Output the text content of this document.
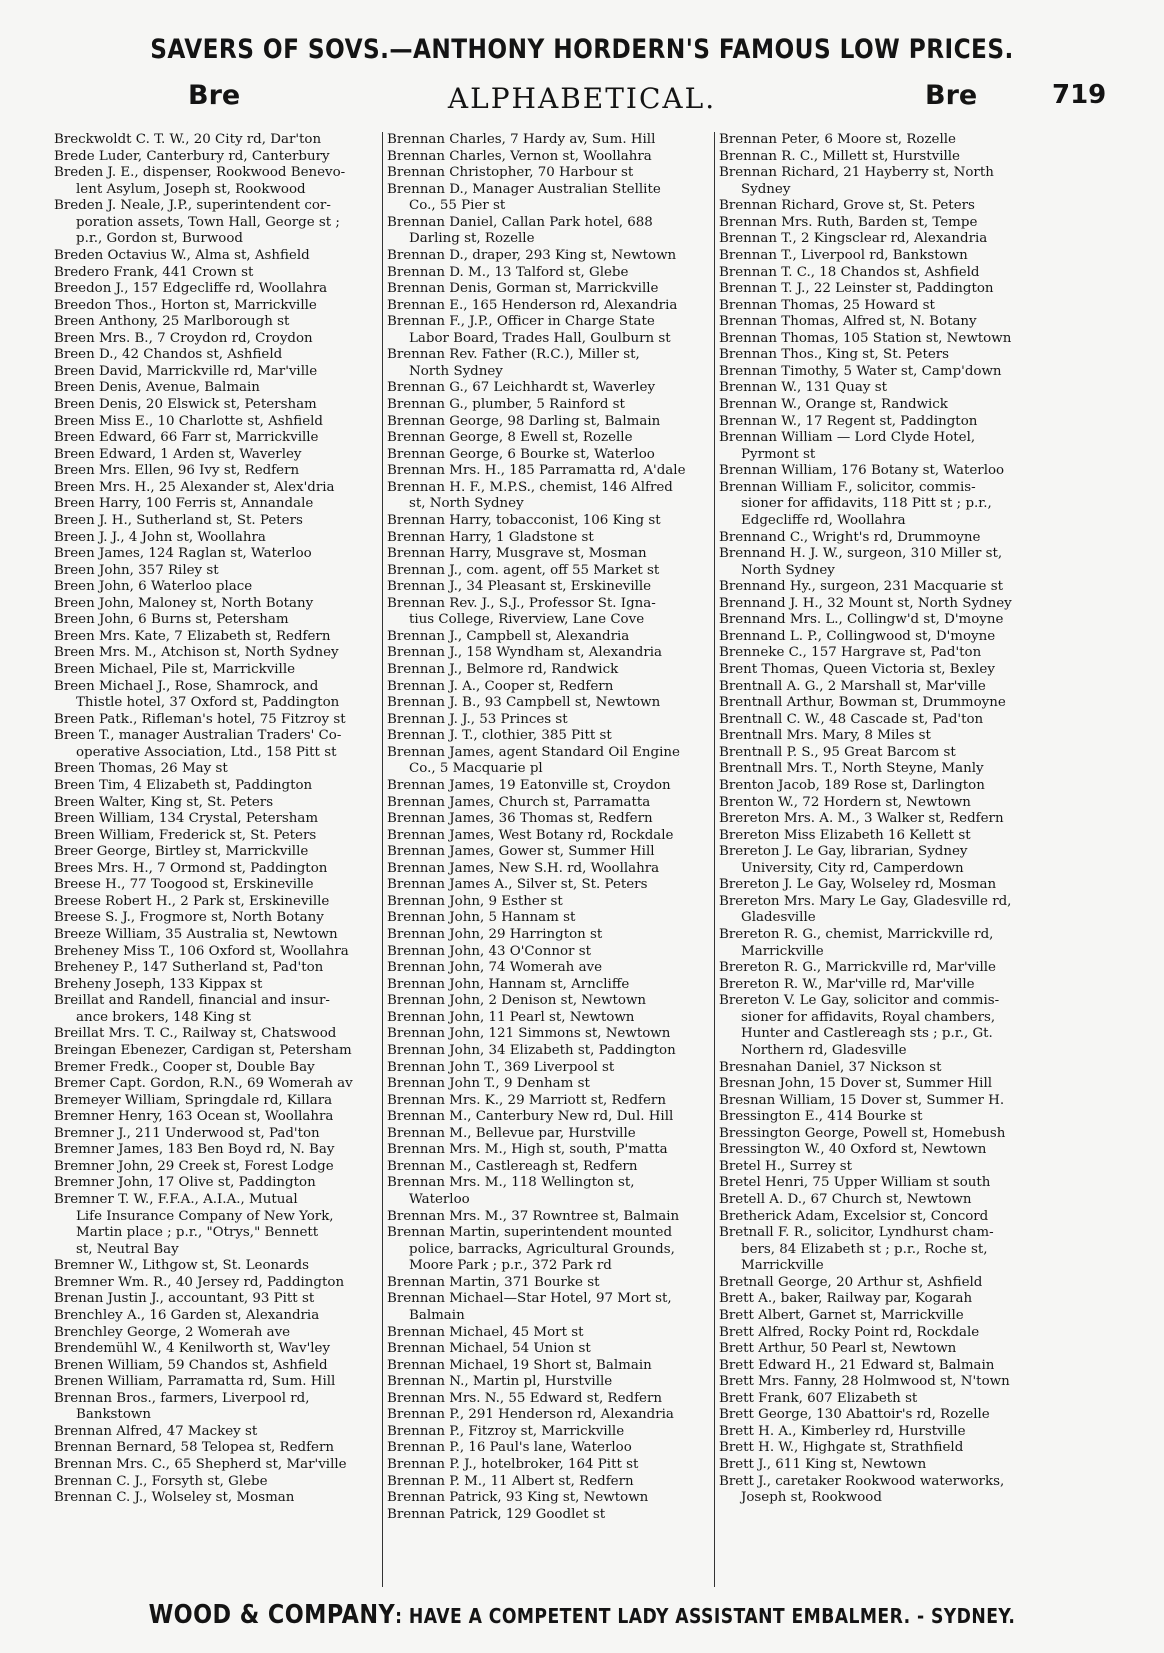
SAVERS OF SOVS.—ANTHONY HORDERN'S FAMOUS LOW PRICES.
Bre	ALPHABETICAL.	Bre	719
Breckwoldt C. T. W., 20 City rd, Dar'ton
Brede Luder, Canterbury rd, Canterbury
Breden J. E., dispenser, Rookwood Benevo-
lent Asylum, Joseph st, Rookwood
Breden J. Neale, J.P., superintendent cor-
poration assets, Town Hall, George st ;
p.r., Gordon st, Burwood
Breden Octavius W., Alma st, Ashfield
Bredero Frank, 441 Crown st
Breedon J., 157 Edgecliffe rd, Woollahra
Breedon Thos., Horton st, Marrickville
Breen Anthony, 25 Marlborough st
Breen Mrs. B., 7 Croydon rd, Croydon
Breen D., 42 Chandos st, Ashfield
Breen David, Marrickville rd, Mar'ville
Breen Denis, Avenue, Balmain
Breen Denis, 20 Elswick st, Petersham
Breen Miss E., 10 Charlotte st, Ashfield
Breen Edward, 66 Farr st, Marrickville
Breen Edward, 1 Arden st, Waverley
Breen Mrs. Ellen, 96 Ivy st, Redfern
Breen Mrs. H., 25 Alexander st, Alex'dria
Breen Harry, 100 Ferris st, Annandale
Breen J. H., Sutherland st, St. Peters
Breen J. J., 4 John st, Woollahra
Breen James, 124 Raglan st, Waterloo
Breen John, 357 Riley st
Breen John, 6 Waterloo place
Breen John, Maloney st, North Botany
Breen John, 6 Burns st, Petersham
Breen Mrs. Kate, 7 Elizabeth st, Redfern
Breen Mrs. M., Atchison st, North Sydney
Breen Michael, Pile st, Marrickville
Breen Michael J., Rose, Shamrock, and
Thistle hotel, 37 Oxford st, Paddington
Breen Patk., Rifleman's hotel, 75 Fitzroy st
Breen T., manager Australian Traders' Co-
operative Association, Ltd., 158 Pitt st
Breen Thomas, 26 May st
Breen Tim, 4 Elizabeth st, Paddington
Breen Walter, King st, St. Peters
Breen William, 134 Crystal, Petersham
Breen William, Frederick st, St. Peters
Breer George, Birtley st, Marrickville
Brees Mrs. H., 7 Ormond st, Paddington
Breese H., 77 Toogood st, Erskineville
Breese Robert H., 2 Park st, Erskineville
Breese S. J., Frogmore st, North Botany
Breeze William, 35 Australia st, Newtown
Breheney Miss T., 106 Oxford st, Woollahra
Breheney P., 147 Sutherland st, Pad'ton
Breheny Joseph, 133 Kippax st
Breillat and Randell, financial and insur-
ance brokers, 148 King st
Breillat Mrs. T. C., Railway st, Chatswood
Breingan Ebenezer, Cardigan st, Petersham
Bremer Fredk., Cooper st, Double Bay
Bremer Capt. Gordon, R.N., 69 Womerah av
Bremeyer William, Springdale rd, Killara
Bremner Henry, 163 Ocean st, Woollahra
Bremner J., 211 Underwood st, Pad'ton
Bremner James, 183 Ben Boyd rd, N. Bay
Bremner John, 29 Creek st, Forest Lodge
Bremner John, 17 Olive st, Paddington
Bremner T. W., F.F.A., A.I.A., Mutual
Life Insurance Company of New York,
Martin place ; p.r., "Otrys," Bennett
st, Neutral Bay
Bremner W., Lithgow st, St. Leonards
Bremner Wm. R., 40 Jersey rd, Paddington
Brenan Justin J., accountant, 93 Pitt st
Brenchley A., 16 Garden st, Alexandria
Brenchley George, 2 Womerah ave
Brendemühl W., 4 Kenilworth st, Wav'ley
Brenen William, 59 Chandos st, Ashfield
Brenen William, Parramatta rd, Sum. Hill
Brennan Bros., farmers, Liverpool rd,
Bankstown
Brennan Alfred, 47 Mackey st
Brennan Bernard, 58 Telopea st, Redfern
Brennan Mrs. C., 65 Shepherd st, Mar'ville
Brennan C. J., Forsyth st, Glebe
Brennan C. J., Wolseley st, Mosman
Brennan Charles, 7 Hardy av, Sum. Hill
Brennan Charles, Vernon st, Woollahra
Brennan Christopher, 70 Harbour st
Brennan D., Manager Australian Stellite
Co., 55 Pier st
Brennan Daniel, Callan Park hotel, 688
Darling st, Rozelle
Brennan D., draper, 293 King st, Newtown
Brennan D. M., 13 Talford st, Glebe
Brennan Denis, Gorman st, Marrickville
Brennan E., 165 Henderson rd, Alexandria
Brennan F., J.P., Officer in Charge State
Labor Board, Trades Hall, Goulburn st
Brennan Rev. Father (R.C.), Miller st,
North Sydney
Brennan G., 67 Leichhardt st, Waverley
Brennan G., plumber, 5 Rainford st
Brennan George, 98 Darling st, Balmain
Brennan George, 8 Ewell st, Rozelle
Brennan George, 6 Bourke st, Waterloo
Brennan Mrs. H., 185 Parramatta rd, A'dale
Brennan H. F., M.P.S., chemist, 146 Alfred
st, North Sydney
Brennan Harry, tobacconist, 106 King st
Brennan Harry, 1 Gladstone st
Brennan Harry, Musgrave st, Mosman
Brennan J., com. agent, off 55 Market st
Brennan J., 34 Pleasant st, Erskineville
Brennan Rev. J., S.J., Professor St. Igna-
tius College, Riverview, Lane Cove
Brennan J., Campbell st, Alexandria
Brennan J., 158 Wyndham st, Alexandria
Brennan J., Belmore rd, Randwick
Brennan J. A., Cooper st, Redfern
Brennan J. B., 93 Campbell st, Newtown
Brennan J. J., 53 Princes st
Brennan J. T., clothier, 385 Pitt st
Brennan James, agent Standard Oil Engine
Co., 5 Macquarie pl
Brennan James, 19 Eatonville st, Croydon
Brennan James, Church st, Parramatta
Brennan James, 36 Thomas st, Redfern
Brennan James, West Botany rd, Rockdale
Brennan James, Gower st, Summer Hill
Brennan James, New S.H. rd, Woollahra
Brennan James A., Silver st, St. Peters
Brennan John, 9 Esther st
Brennan John, 5 Hannam st
Brennan John, 29 Harrington st
Brennan John, 43 O'Connor st
Brennan John, 74 Womerah ave
Brennan John, Hannam st, Arncliffe
Brennan John, 2 Denison st, Newtown
Brennan John, 11 Pearl st, Newtown
Brennan John, 121 Simmons st, Newtown
Brennan John, 34 Elizabeth st, Paddington
Brennan John T., 369 Liverpool st
Brennan John T., 9 Denham st
Brennan Mrs. K., 29 Marriott st, Redfern
Brennan M., Canterbury New rd, Dul. Hill
Brennan M., Bellevue par, Hurstville
Brennan Mrs. M., High st, south, P'matta
Brennan M., Castlereagh st, Redfern
Brennan Mrs. M., 118 Wellington st,
Waterloo
Brennan Mrs. M., 37 Rowntree st, Balmain
Brennan Martin, superintendent mounted
police, barracks, Agricultural Grounds,
Moore Park ; p.r., 372 Park rd
Brennan Martin, 371 Bourke st
Brennan Michael—Star Hotel, 97 Mort st,
Balmain
Brennan Michael, 45 Mort st
Brennan Michael, 54 Union st
Brennan Michael, 19 Short st, Balmain
Brennan N., Martin pl, Hurstville
Brennan Mrs. N., 55 Edward st, Redfern
Brennan P., 291 Henderson rd, Alexandria
Brennan P., Fitzroy st, Marrickville
Brennan P., 16 Paul's lane, Waterloo
Brennan P. J., hotelbroker, 164 Pitt st
Brennan P. M., 11 Albert st, Redfern
Brennan Patrick, 93 King st, Newtown
Brennan Patrick, 129 Goodlet st
Brennan Peter, 6 Moore st, Rozelle
Brennan R. C., Millett st, Hurstville
Brennan Richard, 21 Hayberry st, North
Sydney
Brennan Richard, Grove st, St. Peters
Brennan Mrs. Ruth, Barden st, Tempe
Brennan T., 2 Kingsclear rd, Alexandria
Brennan T., Liverpool rd, Bankstown
Brennan T. C., 18 Chandos st, Ashfield
Brennan T. J., 22 Leinster st, Paddington
Brennan Thomas, 25 Howard st
Brennan Thomas, Alfred st, N. Botany
Brennan Thomas, 105 Station st, Newtown
Brennan Thos., King st, St. Peters
Brennan Timothy, 5 Water st, Camp'down
Brennan W., 131 Quay st
Brennan W., Orange st, Randwick
Brennan W., 17 Regent st, Paddington
Brennan William — Lord Clyde Hotel,
Pyrmont st
Brennan William, 176 Botany st, Waterloo
Brennan William F., solicitor, commis-
sioner for affidavits, 118 Pitt st ; p.r.,
Edgecliffe rd, Woollahra
Brennand C., Wright's rd, Drummoyne
Brennand H. J. W., surgeon, 310 Miller st,
North Sydney
Brennand Hy., surgeon, 231 Macquarie st
Brennand J. H., 32 Mount st, North Sydney
Brennand Mrs. L., Collingw'd st, D'moyne
Brennand L. P., Collingwood st, D'moyne
Brenneke C., 157 Hargrave st, Pad'ton
Brent Thomas, Queen Victoria st, Bexley
Brentnall A. G., 2 Marshall st, Mar'ville
Brentnall Arthur, Bowman st, Drummoyne
Brentnall C. W., 48 Cascade st, Pad'ton
Brentnall Mrs. Mary, 8 Miles st
Brentnall P. S., 95 Great Barcom st
Brentnall Mrs. T., North Steyne, Manly
Brenton Jacob, 189 Rose st, Darlington
Brenton W., 72 Hordern st, Newtown
Brereton Mrs. A. M., 3 Walker st, Redfern
Brereton Miss Elizabeth 16 Kellett st
Brereton J. Le Gay, librarian, Sydney
University, City rd, Camperdown
Brereton J. Le Gay, Wolseley rd, Mosman
Brereton Mrs. Mary Le Gay, Gladesville rd,
Gladesville
Brereton R. G., chemist, Marrickville rd,
Marrickville
Brereton R. G., Marrickville rd, Mar'ville
Brereton R. W., Mar'ville rd, Mar'ville
Brereton V. Le Gay, solicitor and commis-
sioner for affidavits, Royal chambers,
Hunter and Castlereagh sts ; p.r., Gt.
Northern rd, Gladesville
Bresnahan Daniel, 37 Nickson st
Bresnan John, 15 Dover st, Summer Hill
Bresnan William, 15 Dover st, Summer H.
Bressington E., 414 Bourke st
Bressington George, Powell st, Homebush
Bressington W., 40 Oxford st, Newtown
Bretel H., Surrey st
Bretel Henri, 75 Upper William st south
Bretell A. D., 67 Church st, Newtown
Bretherick Adam, Excelsior st, Concord
Bretnall F. R., solicitor, Lyndhurst cham-
bers, 84 Elizabeth st ; p.r., Roche st,
Marrickville
Bretnall George, 20 Arthur st, Ashfield
Brett A., baker, Railway par, Kogarah
Brett Albert, Garnet st, Marrickville
Brett Alfred, Rocky Point rd, Rockdale
Brett Arthur, 50 Pearl st, Newtown
Brett Edward H., 21 Edward st, Balmain
Brett Mrs. Fanny, 28 Holmwood st, N'town
Brett Frank, 607 Elizabeth st
Brett George, 130 Abattoir's rd, Rozelle
Brett H. A., Kimberley rd, Hurstville
Brett H. W., Highgate st, Strathfield
Brett J., 611 King st, Newtown
Brett J., caretaker Rookwood waterworks,
Joseph st, Rookwood
WOOD & COMPANY: HAVE A COMPETENT LADY ASSISTANT EMBALMER. - SYDNEY.
